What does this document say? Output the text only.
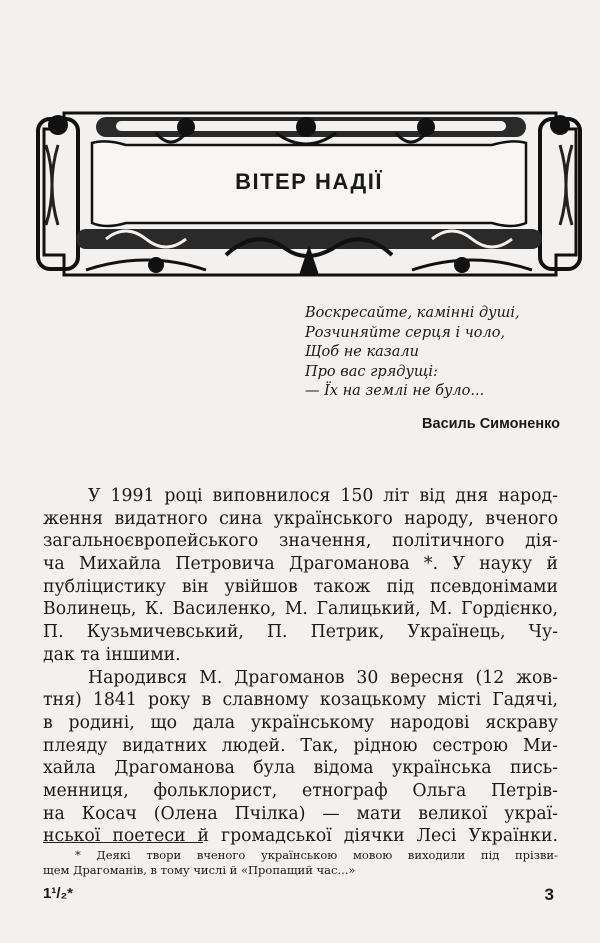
ВІТЕР НАДІЇ
Воскресайте, камінні душі,
Розчиняйте серця і чоло,
Щоб не казали
Про вас грядущі:
— Їх на землі не було...
Василь Симоненко
У 1991 році виповнилося 150 літ від дня народ-
ження видатного сина українського народу, вченого
загальноєвропейського значення, політичного дія-
ча Михайла Петровича Драгоманова *. У науку й
публіцистику він увійшов також під псевдонімами
Волинець, К. Василенко, М. Галицький, М. Гордієнко,
П. Кузьмичевський, П. Петрик, Українець, Чу-
дак та іншими.
Народився М. Драгоманов 30 вересня (12 жов-
тня) 1841 року в славному козацькому місті Гадячі,
в родині, що дала українському народові яскраву
плеяду видатних людей. Так, рідною сестрою Ми-
хайла Драгоманова була відома українська пись-
менниця, фольклорист, етнограф Ольга Петрів-
на Косач (Олена Пчілка) — мати великої украї-
нської поетеси й громадської діячки Лесі Українки.
* Деякі твори вченого українською мовою виходили під прізви-
щем Драгоманів, в тому числі й «Пропащий час...»
1¹/₂*	3
